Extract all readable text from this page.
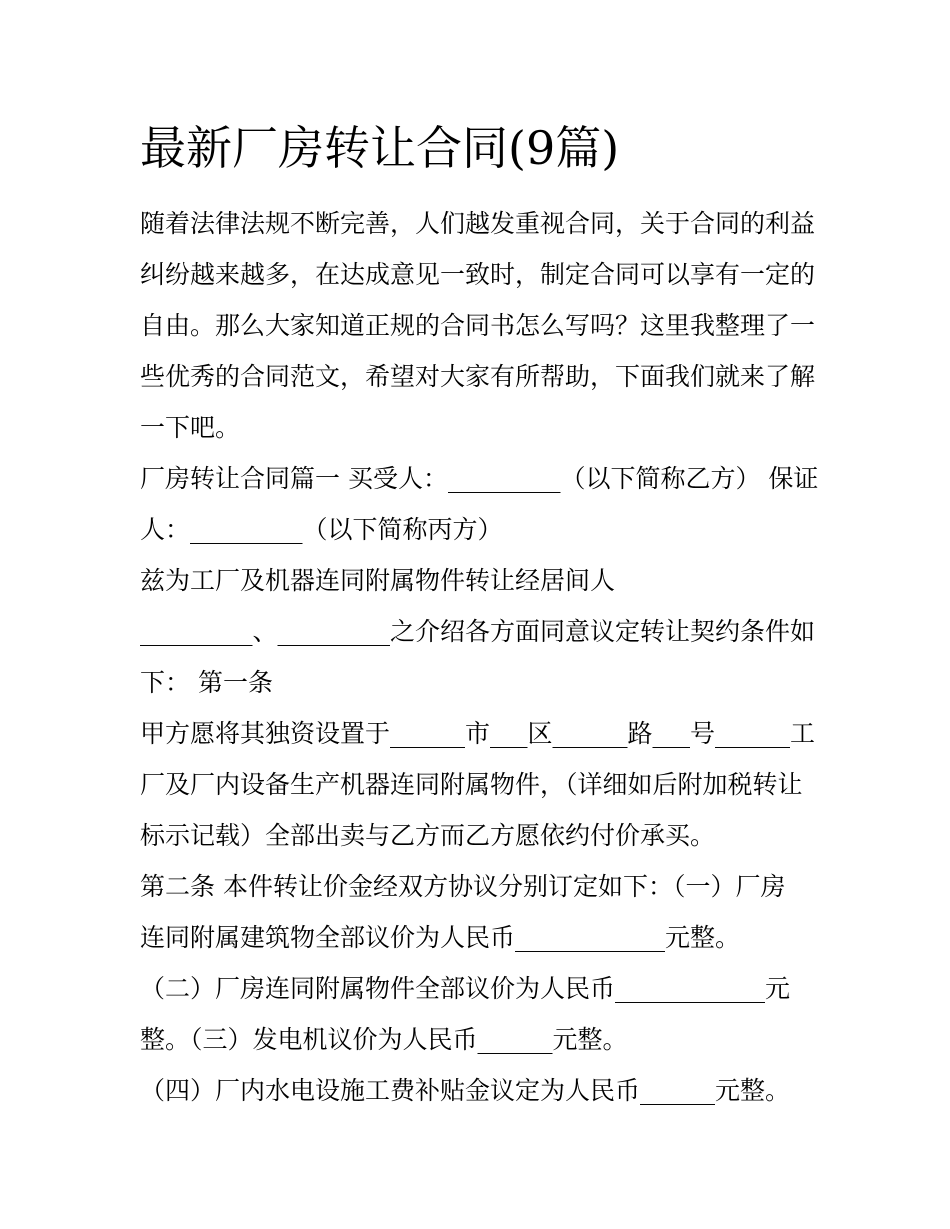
最新厂房转让合同(9篇)

随着法律法规不断完善，人们越发重视合同，关于合同的利益
纠纷越来越多，在达成意见一致时，制定合同可以享有一定的
自由。那么大家知道正规的合同书怎么写吗？这里我整理了一
些优秀的合同范文，希望对大家有所帮助，下面我们就来了解
一下吧。

厂房转让合同篇一 买受人：_________（以下简称乙方） 保证
人：_________（以下简称丙方）

兹为工厂及机器连同附属物件转让经居间人
_________、_________之介绍各方面同意议定转让契约条件如
下： 第一条

甲方愿将其独资设置于______市___区______路___号______工
厂及厂内设备生产机器连同附属物件，（详细如后附加税转让
标示记载）全部出卖与乙方而乙方愿依约付价承买。

第二条 本件转让价金经双方协议分别订定如下：（一）厂房
连同附属建筑物全部议价为人民币____________元整。

（二）厂房连同附属物件全部议价为人民币____________元
整。（三）发电机议价为人民币______元整。

（四）厂内水电设施工费补贴金议定为人民币______元整。
